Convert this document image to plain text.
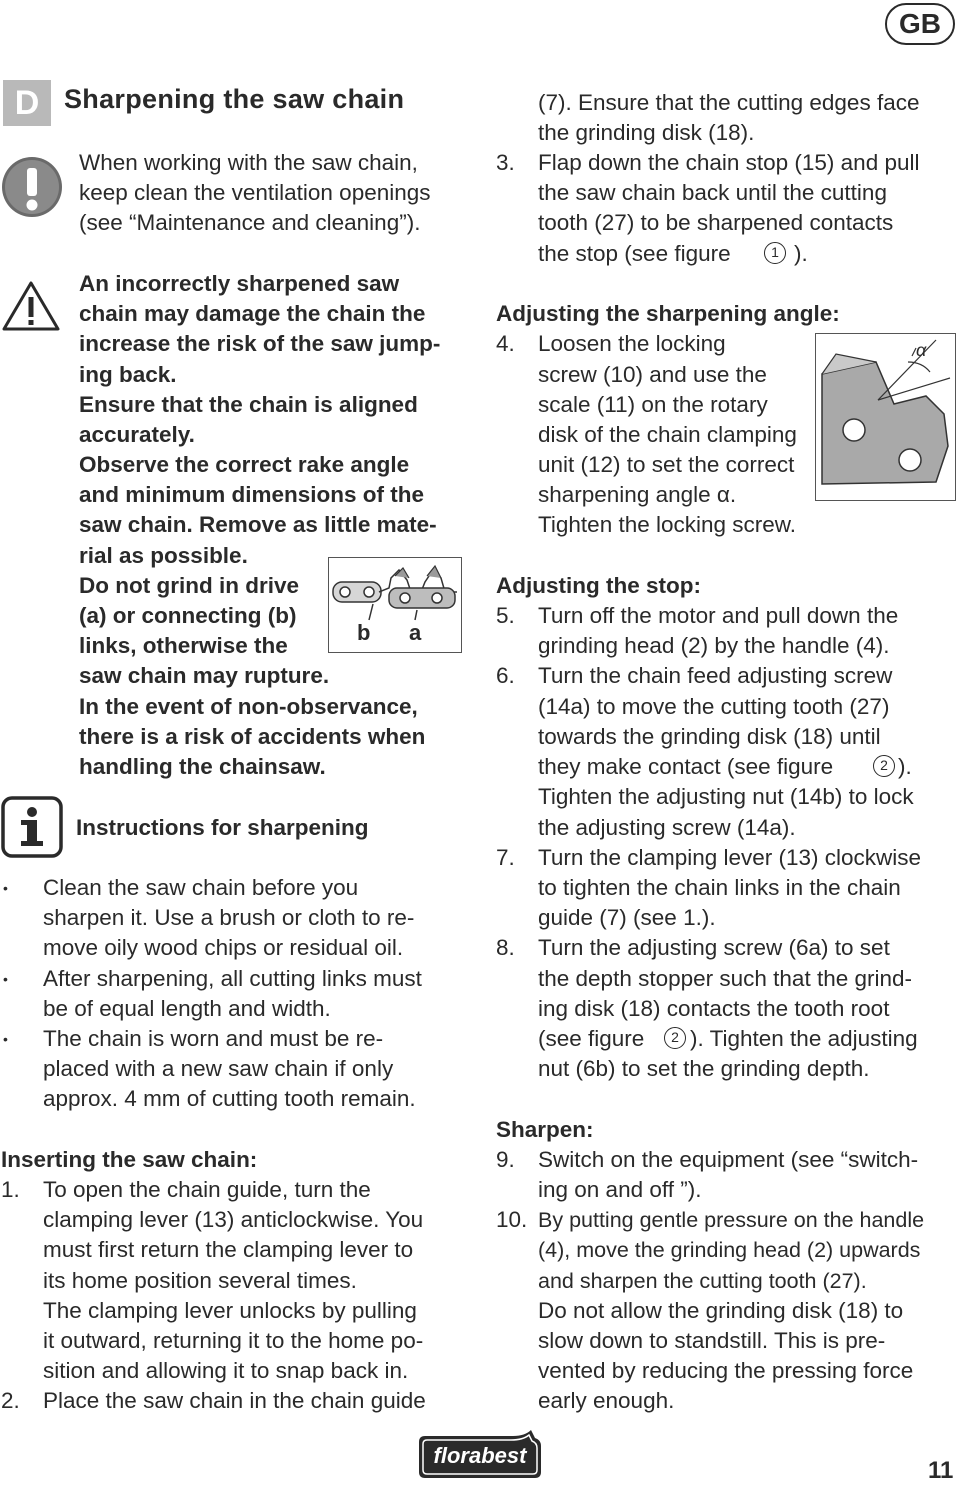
GB
D Sharpening the saw chain
When working with the saw chain,
keep clean the ventilation openings
(see “Maintenance and cleaning”).
An incorrectly sharpened saw
chain may damage the chain the
increase the risk of the saw jump-
ing back.
Ensure that the chain is aligned
accurately.
Observe the correct rake angle
and minimum dimensions of the
saw chain. Remove as little mate-
rial as possible.
Do not grind in drive
(a) or connecting (b)
links, otherwise the
saw chain may rupture.
In the event of non-observance,
there is a risk of accidents when
handling the chainsaw.
b a
Instructions for sharpening
• Clean the saw chain before you
sharpen it. Use a brush or cloth to re-
move oily wood chips or residual oil.
• After sharpening, all cutting links must
be of equal length and width.
• The chain is worn and must be re-
placed with a new saw chain if only
approx. 4 mm of cutting tooth remain.
Inserting the saw chain:
1. To open the chain guide, turn the
clamping lever (13) anticlockwise. You
must first return the clamping lever to
its home position several times.
The clamping lever unlocks by pulling
it outward, returning it to the home po-
sition and allowing it to snap back in.
2. Place the saw chain in the chain guide
(7). Ensure that the cutting edges face
the grinding disk (18).
3. Flap down the chain stop (15) and pull
the saw chain back until the cutting
tooth (27) to be sharpened contacts
the stop (see figure	1 ).
Adjusting the sharpening angle:
4. Loosen the locking
screw (10) and use the
scale (11) on the rotary
disk of the chain clamping
unit (12) to set the correct
sharpening angle α.
Tighten the locking screw.
α
Adjusting the stop:
5. Turn off the motor and pull down the
grinding head (2) by the handle (4).
6. Turn the chain feed adjusting screw
(14a) to move the cutting tooth (27)
towards the grinding disk (18) until
they make contact (see figure	2 ).
Tighten the adjusting nut (14b) to lock
the adjusting screw (14a).
7. Turn the clamping lever (13) clockwise
to tighten the chain links in the chain
guide (7) (see 1.).
8. Turn the adjusting screw (6a) to set
the depth stopper such that the grind-
ing disk (18) contacts the tooth root
(see figure	2 ). Tighten the adjusting
nut (6b) to set the grinding depth.
Sharpen:
9. Switch on the equipment (see “switch-
ing on and off ”).
10. By putting gentle pressure on the handle
(4), move the grinding head (2) upwards
and sharpen the cutting tooth (27).
Do not allow the grinding disk (18) to
slow down to standstill. This is pre-
vented by reducing the pressing force
early enough.
florabest
11
